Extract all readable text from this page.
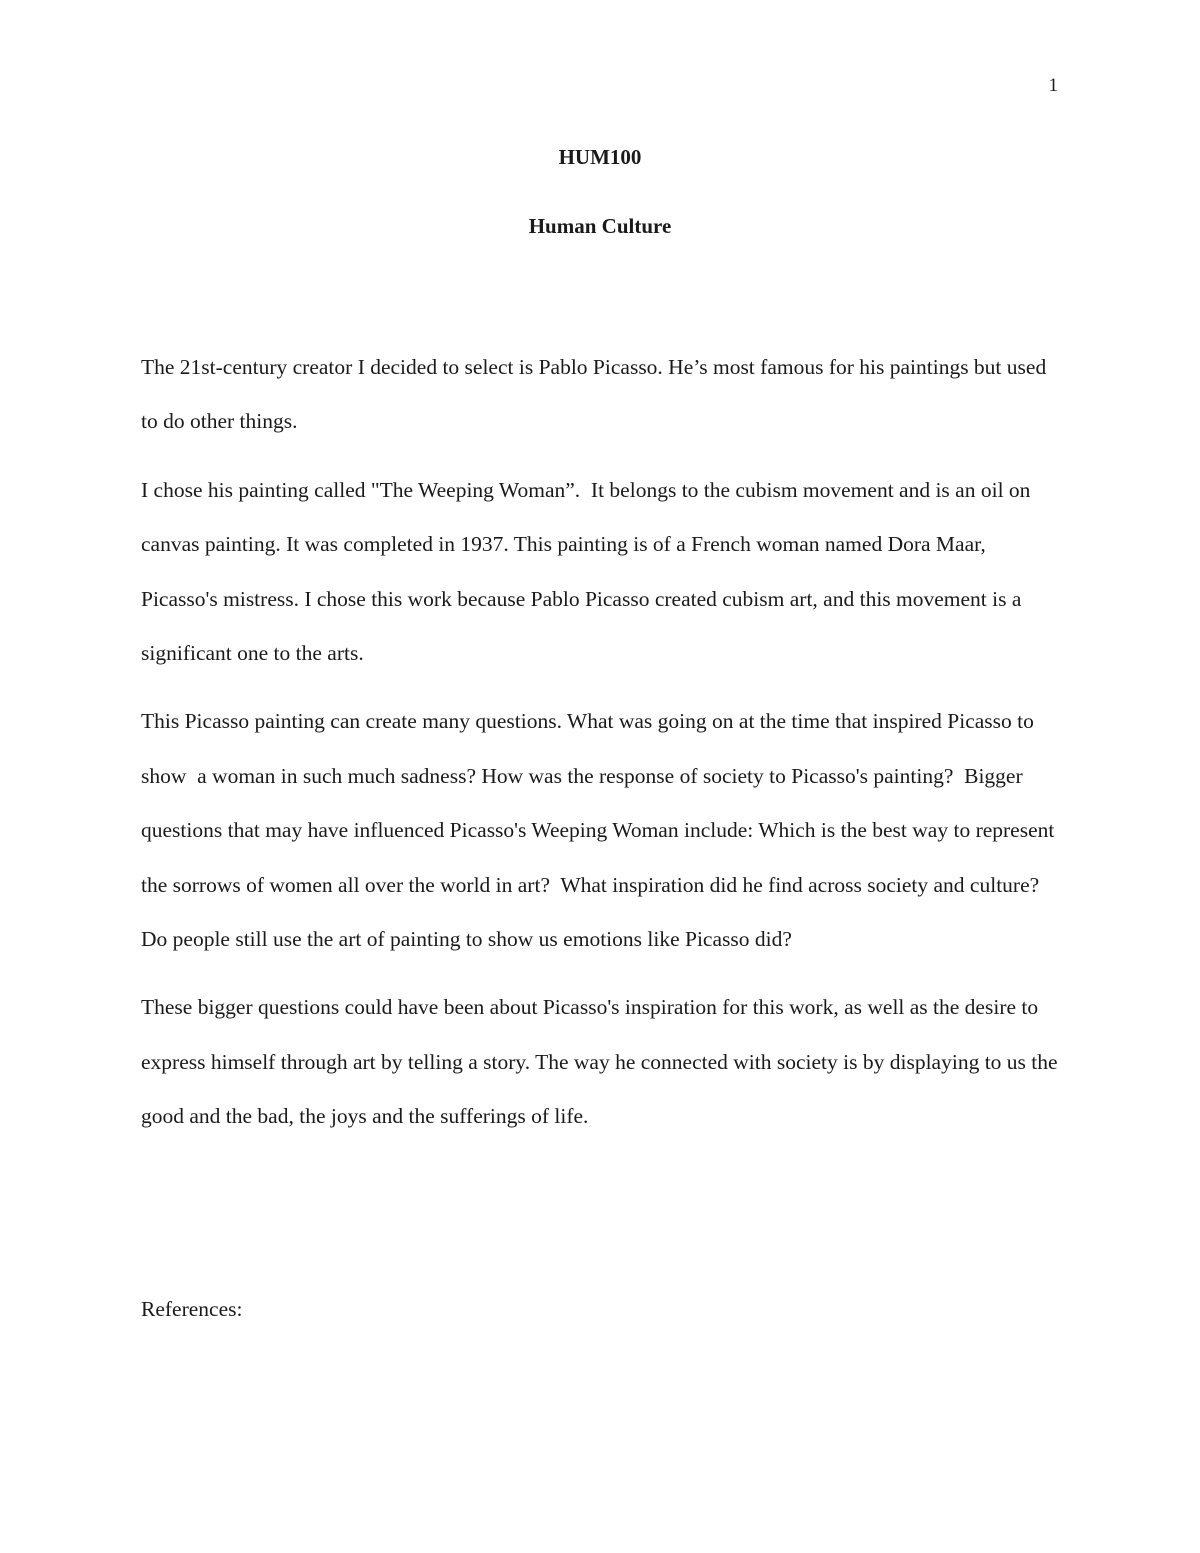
1
HUM100
Human Culture

The 21st-century creator I decided to select is Pablo Picasso. He’s most famous for his paintings but used to do other things.

I chose his painting called "The Weeping Woman”.  It belongs to the cubism movement and is an oil on canvas painting. It was completed in 1937. This painting is of a French woman named Dora Maar, Picasso's mistress. I chose this work because Pablo Picasso created cubism art, and this movement is a significant one to the arts.

This Picasso painting can create many questions. What was going on at the time that inspired Picasso to show  a woman in such much sadness? How was the response of society to Picasso's painting?  Bigger questions that may have influenced Picasso's Weeping Woman include: Which is the best way to represent the sorrows of women all over the world in art?  What inspiration did he find across society and culture? Do people still use the art of painting to show us emotions like Picasso did?

These bigger questions could have been about Picasso's inspiration for this work, as well as the desire to express himself through art by telling a story. The way he connected with society is by displaying to us the good and the bad, the joys and the sufferings of life.

References:
